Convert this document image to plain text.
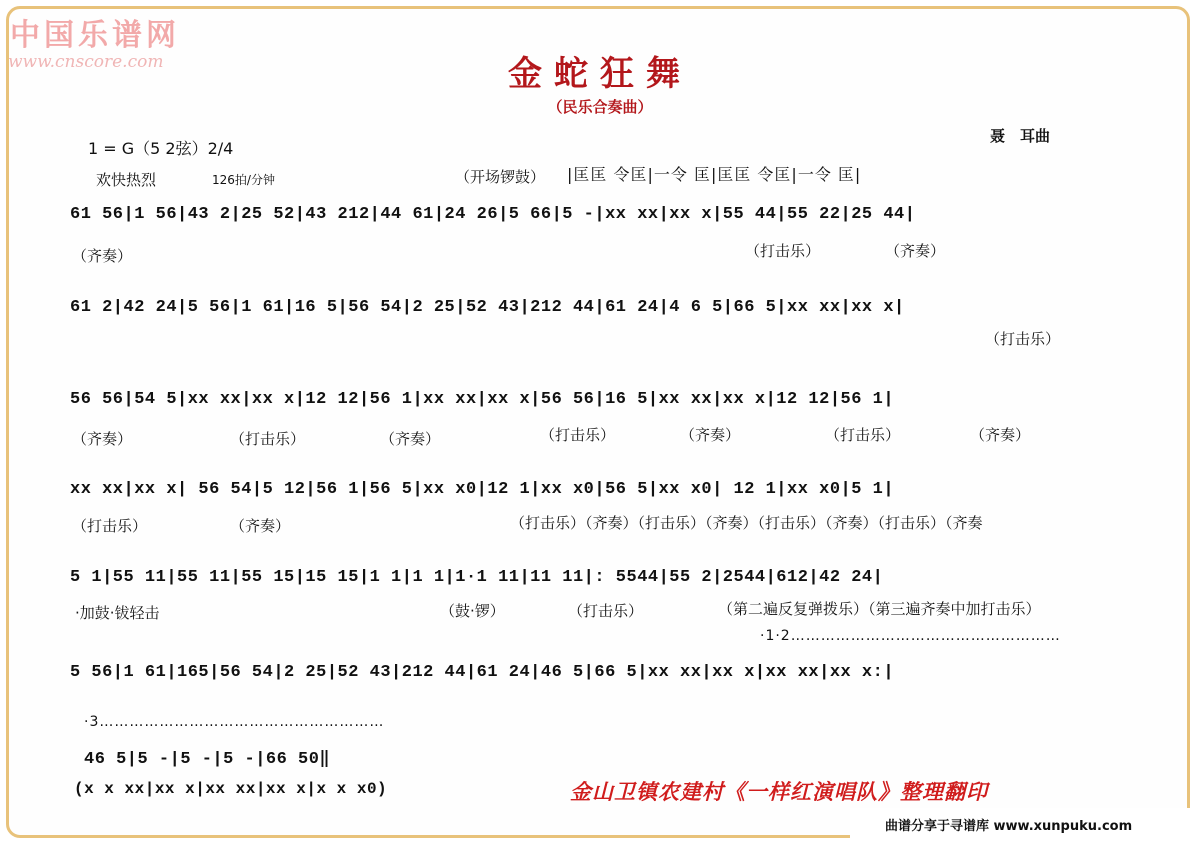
中国乐谱网
www.cnscore.com	金蛇狂舞
（民乐合奏曲）
聂　耳曲
1 = G（5 2弦）2/4
欢快热烈	126拍/分钟	（开场锣鼓） |匡匡 令匡|一令 匡|匡匡 令匡|一令 匡|
61 56|1 56|43 2|25 52|43 212|44 61|24 26|5 66|5 -|xx xx|xx x|55 44|55 22|25 44|
（齐奏）	（打击乐）	（齐奏）
61 2|42 24|5 56|1 61|16 5|56 54|2 25|52 43|212 44|61 24|4 6 5|66 5|xx xx|xx x|
（打击乐）
56 56|54 5|xx xx|xx x|12 12|56 1|xx xx|xx x|56 56|16 5|xx xx|xx x|12 12|56 1|
（齐奏）	（打击乐）	（齐奏）	（打击乐）	（齐奏）	（打击乐）	（齐奏）
xx xx|xx x| 56 54|5 12|56 1|56 5|xx x0|12 1|xx x0|56 5|xx x0| 12 1|xx x0|5 1|
（打击乐）	（齐奏）	（打击乐）（齐奏）（打击乐）（齐奏）（打击乐）（齐奏）（打击乐）（齐奏
5 1|55 11|55 11|55 15|15 15|1 1|1 1|1·1 11|11 11|: 5544|55 2|2544|612|42 24|
·加鼓·钹轻击	（鼓·锣）	（打击乐）	（第二遍反复弹拨乐）（第三遍齐奏中加打击乐）
·1·2………………………………………………
5 56|1 61|165|56 54|2 25|52 43|212 44|61 24|46 5|66 5|xx xx|xx x|xx xx|xx x:|
·3…………………………………………………
46 5|5 -|5 -|5 -|66 50‖
(x x xx|xx x|xx xx|xx x|x x x0)	金山卫镇农建村《一样红演唱队》整理翻印
曲谱分享于寻谱库 www.xunpuku.com
